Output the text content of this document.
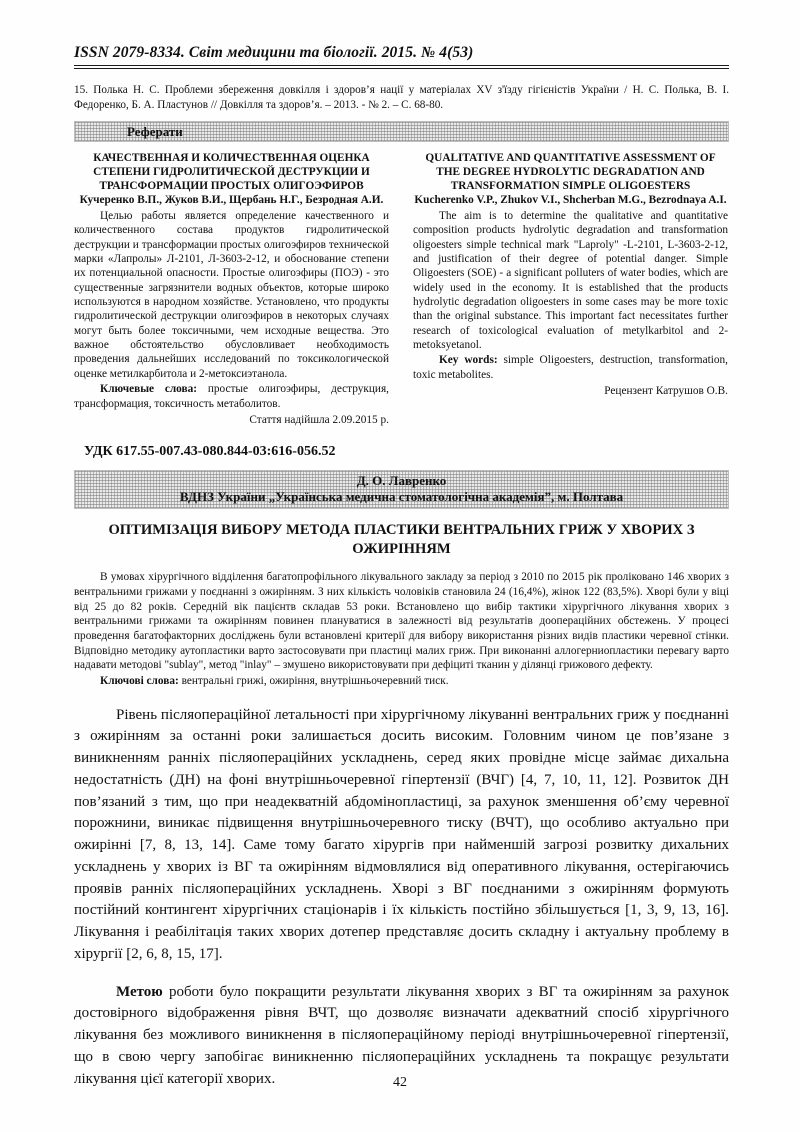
ISSN 2079-8334. Світ медицини та біології. 2015. № 4(53)
15. Полька Н. С. Проблеми збереження довкілля і здоров’я нації у матеріалах XV з'їзду гігієністів України / Н. С. Полька, В. І. Федоренко, Б. А. Пластунов // Довкілля та здоров’я. – 2013. - № 2. – С. 68-80.
Реферати
КАЧЕСТВЕННАЯ И КОЛИЧЕСТВЕННАЯ ОЦЕНКА СТЕПЕНИ ГИДРОЛИТИЧЕСКОЙ ДЕСТРУКЦИИ И ТРАНСФОРМАЦИИ ПРОСТЫХ ОЛИГОЭФИРОВ
Кучеренко В.П., Жуков В.И., Щербань Н.Г., Безродная А.И.
Целью работы является определение качественного и количественного состава продуктов гидролитической деструкции и трансформации простых олигоэфиров технической марки «Лапролы» Л-2101, Л-3603-2-12, и обоснование степени их потенциальной опасности. Простые олигоэфиры (ПОЭ) - это существенные загрязнители водных объектов, которые широко используются в народном хозяйстве. Установлено, что продукты гидролитической деструкции олигоэфиров в некоторых случаях могут быть более токсичными, чем исходные вещества. Это важное обстоятельство обусловливает необходимость проведения дальнейших исследований по токсикологической оценке метилкарбитола и 2-метоксиэтанола.
Ключевые слова: простые олигоэфиры, деструкция, трансформация, токсичность метаболитов.
Стаття надійшла 2.09.2015 р.
QUALITATIVE AND QUANTITATIVE ASSESSMENT OF THE DEGREE HYDROLYTIC DEGRADATION AND TRANSFORMATION SIMPLE OLIGOESTERS
Kucherenko V.P., Zhukov V.I., Shcherban M.G., Bezrodnaya A.I.
The aim is to determine the qualitative and quantitative composition products hydrolytic degradation and transformation oligoesters simple technical mark "Laproly" -L-2101, L-3603-2-12, and justification of their degree of potential danger. Simple Oligoesters (SOE) - a significant polluters of water bodies, which are widely used in the economy. It is established that the products hydrolytic degradation oligoesters in some cases may be more toxic than the original substance. This important fact necessitates further research of toxicological evaluation of metylkarbitol and 2-metoksyetanol.
Key words: simple Oligoesters, destruction, transformation, toxic metabolites.
Рецензент Катрушов О.В.
УДК 617.55-007.43-080.844-03:616-056.52
Д. О. Лавренко
ВДНЗ України „Українська медична стоматологічна академія”, м. Полтава
ОПТИМІЗАЦІЯ ВИБОРУ МЕТОДА ПЛАСТИКИ ВЕНТРАЛЬНИХ ГРИЖ У ХВОРИХ З ОЖИРІННЯМ
В умовах хірургічного відділення багатопрофільного лікувального закладу за період з 2010 по 2015 рік проліковано 146 хворих з вентральними грижами у поєднанні з ожирінням. З них кількість чоловіків становила 24 (16,4%), жінок 122 (83,5%). Хворі були у віці від 25 до 82 років. Середній вік пацієнтв складав 53 роки. Встановлено що вибір тактики хірургічного лікування хворих з вентральними грижами та ожирінням повинен плануватися в залежності від результатів доопераційних обстежень. У процесі проведення багатофакторних досліджень були встановлені критерії для вибору використання різних видів пластики черевної стінки. Відповідно методику аутопластики варто застосовувати при пластиці малих гриж. При виконанні аллогерниопластики перевагу варто надавати методові "sublay", метод "inlay" – змушено використовувати при дефіциті тканин у ділянці грижового дефекту.
Ключові слова: вентральні грижі, ожиріння, внутрішньочеревний тиск.
Рівень післяопераційної летальності при хірургічному лікуванні вентральних гриж у поєднанні з ожирінням за останні роки залишається досить високим. Головним чином це пов’язане з виникненням ранніх післяопераційних ускладнень, серед яких провідне місце займає дихальна недостатність (ДН) на фоні внутрішньочеревної гіпертензії (ВЧГ) [4, 7, 10, 11, 12]. Розвиток ДН пов’язаний з тим, що при неадекватній абдомінопластиці, за рахунок зменшення об’єму черевної порожнини, виникає підвищення внутрішньочеревного тиску (ВЧТ), що особливо актуально при ожирінні [7, 8, 13, 14]. Саме тому багато хірургів при найменшій загрозі розвитку дихальних ускладнень у хворих із ВГ та ожирінням відмовлялися від оперативного лікування, остерігаючись проявів ранніх післяопераційних ускладнень. Хворі з ВГ поєднаними з ожирінням формують постійний контингент хірургічних стаціонарів і їх кількість постійно збільшується [1, 3, 9, 13, 16]. Лікування і реабілітація таких хворих дотепер представляє досить складну і актуальну проблему в хірургії [2, 6, 8, 15, 17].
Метою роботи було покращити результати лікування хворих з ВГ та ожирінням за рахунок достовірного відображення рівня ВЧТ, що дозволяє визначати адекватний спосіб хірургічного лікування без можливого виникнення в післяопераційному періоді внутрішньочеревної гіпертензії, що в свою чергу запобігає виникненню післяопераційних ускладнень та покращує результати лікування цієї категорії хворих.	42
